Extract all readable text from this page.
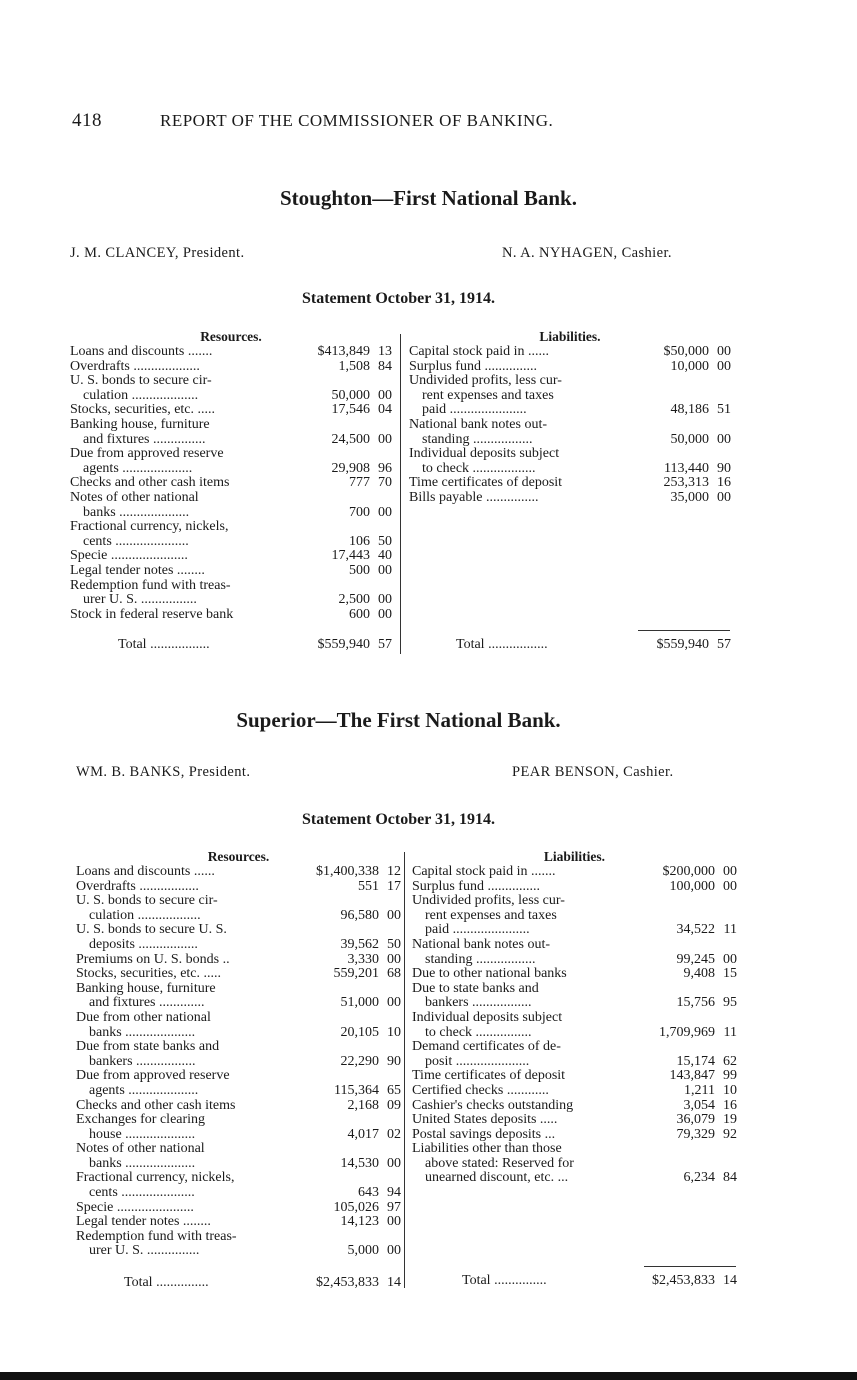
418	REPORT OF THE COMMISSIONER OF BANKING.
Stoughton—First National Bank.
J. M. CLANCEY, President.	N. A. NYHAGEN, Cashier.
Statement October 31, 1914.
Resources.
Loans and discounts .......	$413,849 13
Overdrafts ...................	1,508 84
U. S. bonds to secure cir-
culation ...................	50,000 00
Stocks, securities, etc. .....	17,546 04
Banking house, furniture
and fixtures ...............	24,500 00
Due from approved reserve
agents ....................	29,908 96
Checks and other cash items	777 70
Notes of other national
banks ....................	700 00
Fractional currency, nickels,
cents .....................	106 50
Specie ......................	17,443 40
Legal tender notes ........	500 00
Redemption fund with treas-
urer U. S. ................	2,500 00
Stock in federal reserve bank	600 00
Liabilities.
Capital stock paid in ......	$50,000 00
Surplus fund ...............	10,000 00
Undivided profits, less cur-
rent expenses and taxes
paid ......................	48,186 51
National bank notes out-
standing .................	50,000 00
Individual deposits subject
to check ..................	113,440 90
Time certificates of deposit	253,313 16
Bills payable ...............	35,000 00
Total .................	$559,940 57	Total .................	$559,940 57
Superior—The First National Bank.
WM. B. BANKS, President.	PEAR BENSON, Cashier.
Statement October 31, 1914.
Resources.
Loans and discounts ......	$1,400,338 12
Overdrafts .................	551 17
U. S. bonds to secure cir-
culation ..................	96,580 00
U. S. bonds to secure U. S.
deposits .................	39,562 50
Premiums on U. S. bonds ..	3,330 00
Stocks, securities, etc. .....	559,201 68
Banking house, furniture
and fixtures .............	51,000 00
Due from other national
banks ....................	20,105 10
Due from state banks and
bankers .................	22,290 90
Due from approved reserve
agents ....................	115,364 65
Checks and other cash items	2,168 09
Exchanges for clearing
house ....................	4,017 02
Notes of other national
banks ....................	14,530 00
Fractional currency, nickels,
cents .....................	643 94
Specie ......................	105,026 97
Legal tender notes ........	14,123 00
Redemption fund with treas-
urer U. S. ...............	5,000 00
Liabilities.
Capital stock paid in .......	$200,000 00
Surplus fund ...............	100,000 00
Undivided profits, less cur-
rent expenses and taxes
paid ......................	34,522 11
National bank notes out-
standing .................	99,245 00
Due to other national banks	9,408 15
Due to state banks and
bankers .................	15,756 95
Individual deposits subject
to check ................	1,709,969 11
Demand certificates of de-
posit .....................	15,174 62
Time certificates of deposit	143,847 99
Certified checks ............	1,211 10
Cashier's checks outstanding	3,054 16
United States deposits .....	36,079 19
Postal savings deposits ...	79,329 92
Liabilities other than those
above stated: Reserved for
unearned discount, etc. ...	6,234 84
Total ...............	$2,453,833 14	Total ...............	$2,453,833 14
